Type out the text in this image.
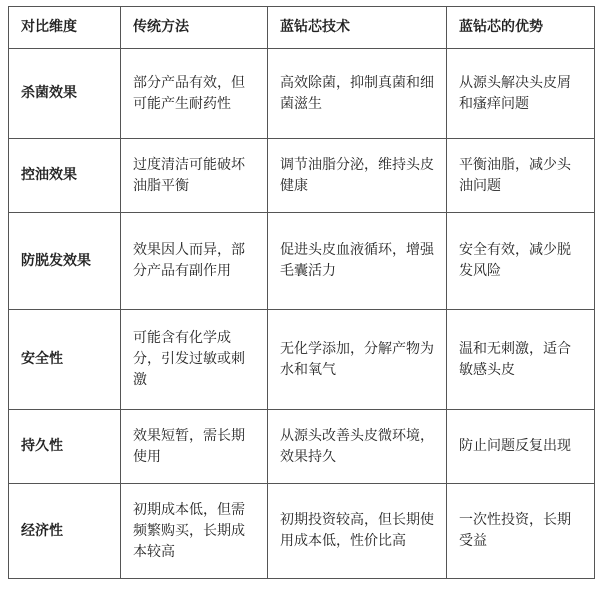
对比维度	传统方法	蓝钻芯技术	蓝钻芯的优势
杀菌效果	部分产品有效，但可能产生耐药性	高效除菌，抑制真菌和细菌滋生	从源头解决头皮屑和瘙痒问题
控油效果	过度清洁可能破坏油脂平衡	调节油脂分泌，维持头皮健康	平衡油脂，减少头油问题
防脱发效果	效果因人而异，部分产品有副作用	促进头皮血液循环，增强毛囊活力	安全有效，减少脱发风险
安全性	可能含有化学成分，引发过敏或刺激	无化学添加，分解产物为水和氧气	温和无刺激，适合敏感头皮
持久性	效果短暂，需长期使用	从源头改善头皮微环境，效果持久	防止问题反复出现
经济性	初期成本低，但需频繁购买，长期成本较高	初期投资较高，但长期使用成本低，性价比高	一次性投资，长期受益
